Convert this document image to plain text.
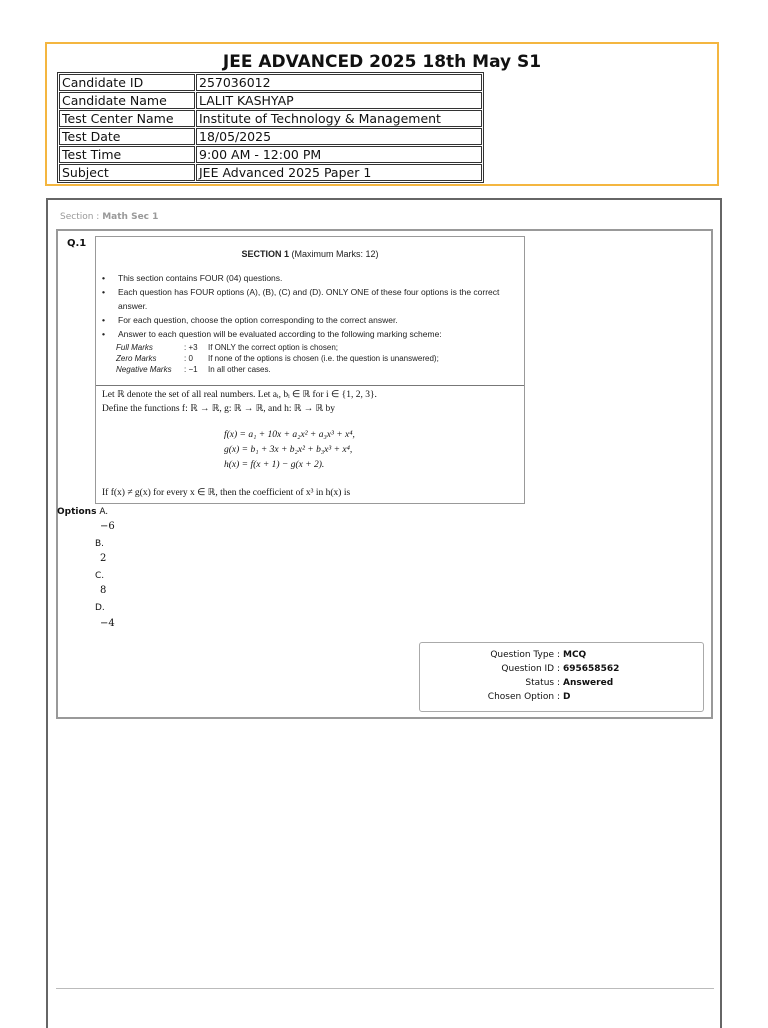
JEE ADVANCED 2025 18th May S1
Candidate ID	257036012
Candidate Name	LALIT KASHYAP
Test Center Name	Institute of Technology & Management
Test Date	18/05/2025
Test Time	9:00 AM - 12:00 PM
Subject	JEE Advanced 2025 Paper 1
Section : Math Sec 1
Q.1
SECTION 1 (Maximum Marks: 12)
• This section contains FOUR (04) questions.
• Each question has FOUR options (A), (B), (C) and (D). ONLY ONE of these four options is the correct answer.
• For each question, choose the option corresponding to the correct answer.
• Answer to each question will be evaluated according to the following marking scheme:
Full Marks	: +3 If ONLY the correct option is chosen;
Zero Marks	: 0 If none of the options is chosen (i.e. the question is unanswered);
Negative Marks : −1 In all other cases.
Let ℝ denote the set of all real numbers. Let aᵢ, bᵢ ∈ ℝ for i ∈ {1, 2, 3}.
Define the functions f: ℝ → ℝ, g: ℝ → ℝ, and h: ℝ → ℝ by
f(x) = a₁ + 10x + a₂x² + a₃x³ + x⁴,
g(x) = b₁ + 3x + b₂x² + b₃x³ + x⁴,
h(x) = f(x + 1) − g(x + 2).
If f(x) ≠ g(x) for every x ∈ ℝ, then the coefficient of x³ in h(x) is
Options A.
−6
B.
2
C.
8
D.
−4
Question Type : MCQ
Question ID : 695658562
Status : Answered
Chosen Option : D
